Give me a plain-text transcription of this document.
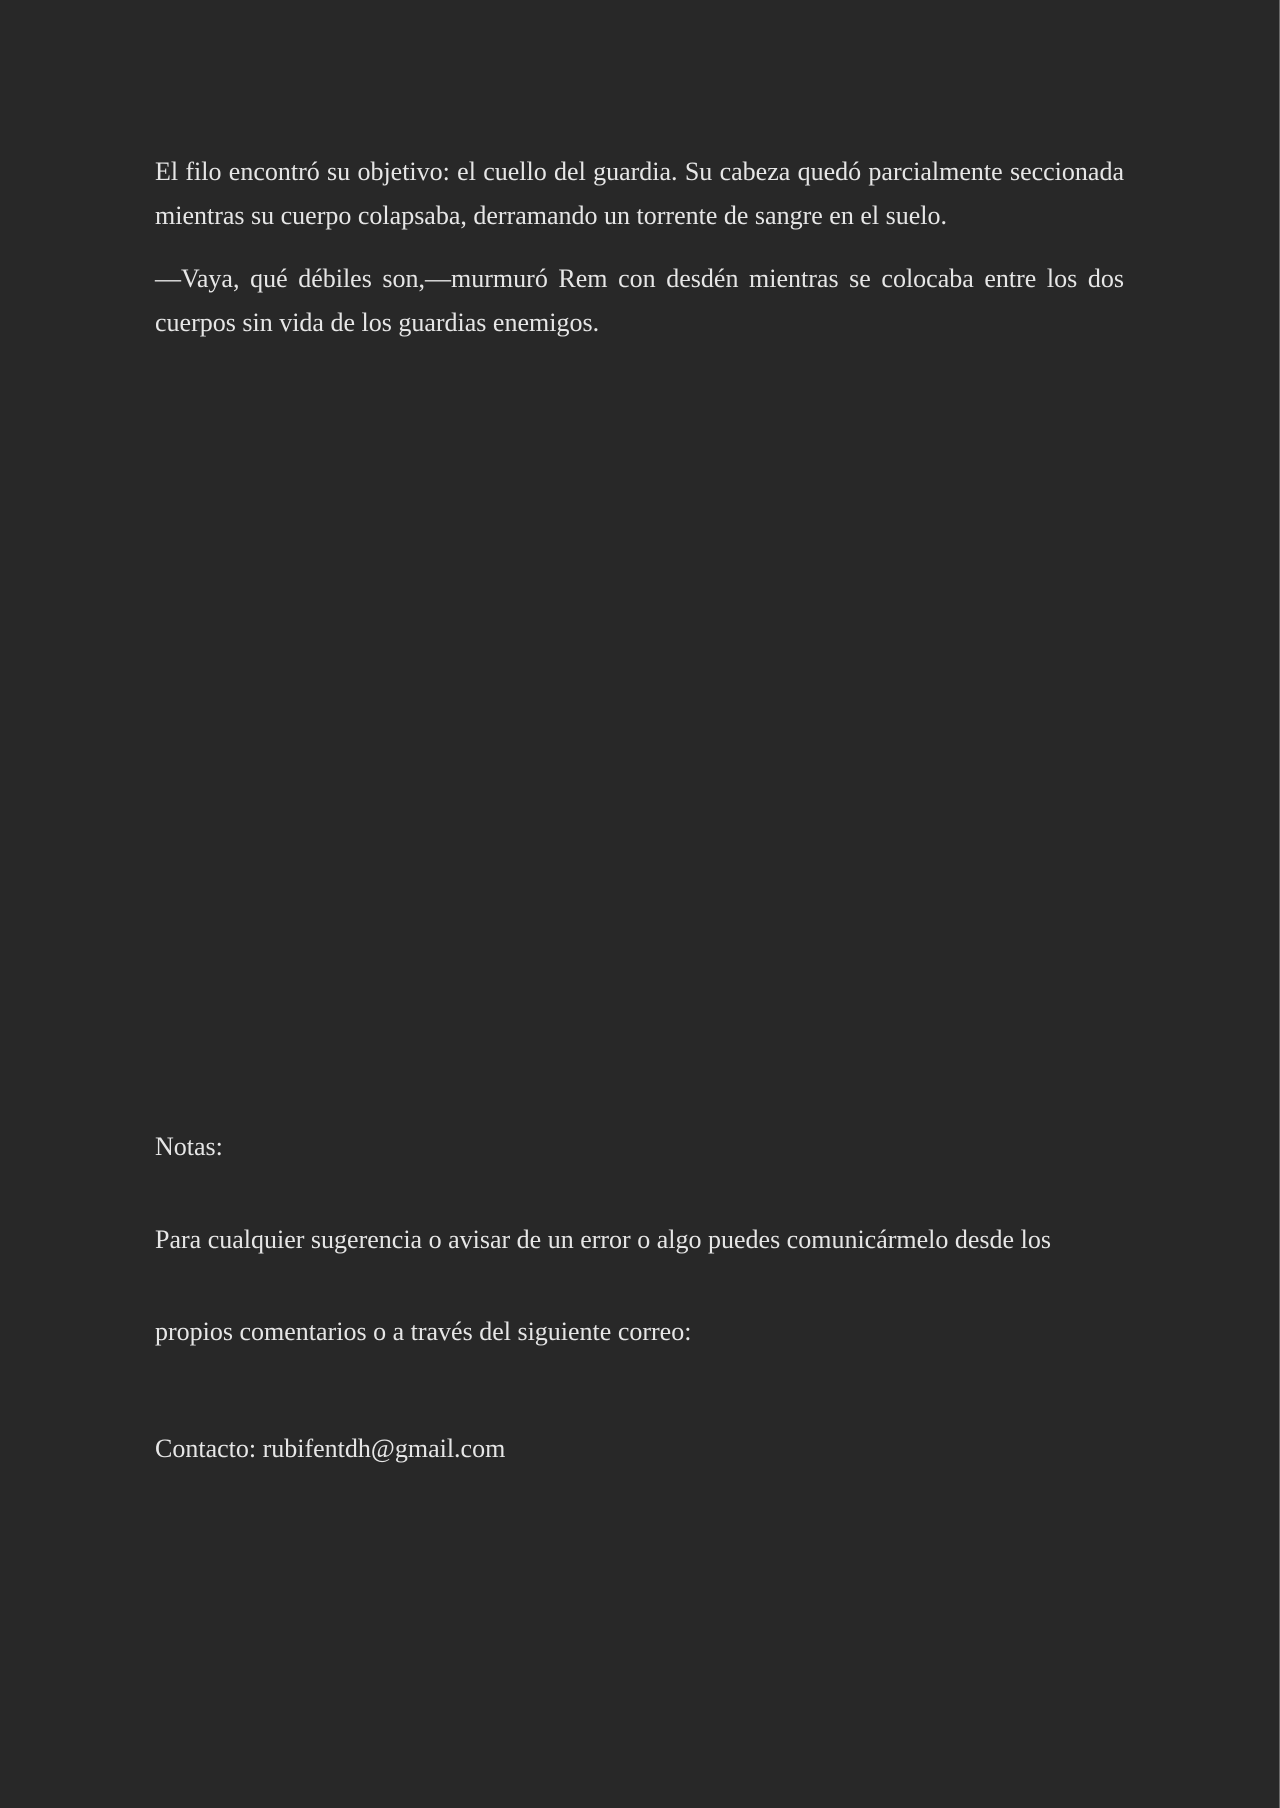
El filo encontró su objetivo: el cuello del guardia. Su cabeza quedó parcialmente seccionada mientras su cuerpo colapsaba, derramando un torrente de sangre en el suelo.

—Vaya, qué débiles son,—murmuró Rem con desdén mientras se colocaba entre los dos cuerpos sin vida de los guardias enemigos.

Notas:

Para cualquier sugerencia o avisar de un error o algo puedes comunicármelo desde los

propios comentarios o a través del siguiente correo:

Contacto: rubifentdh@gmail.com
